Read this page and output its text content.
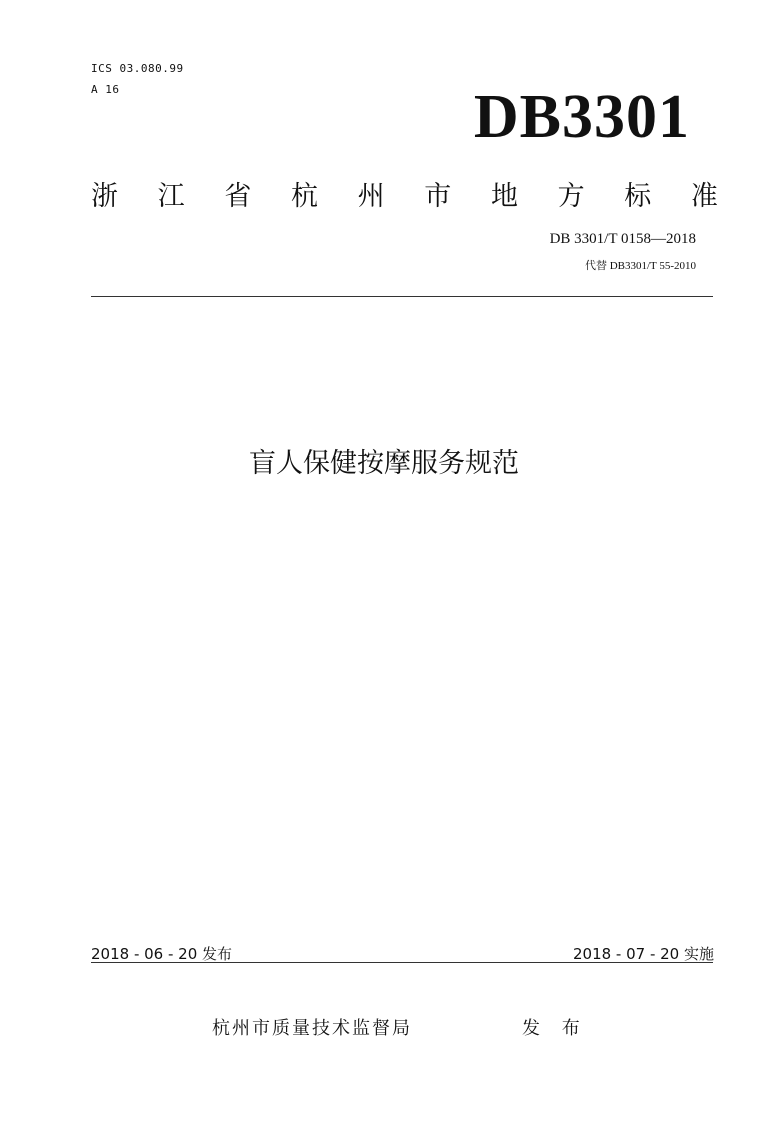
ICS 03.080.99
A 16	DB3301
浙 江 省 杭 州 市 地 方 标 准
DB 3301/T 0158—2018
代替 DB3301/T 55-2010
盲人保健按摩服务规范
2018 - 06 - 20 发布	2018 - 07 - 20 实施
杭州市质量技术监督局	发 布
